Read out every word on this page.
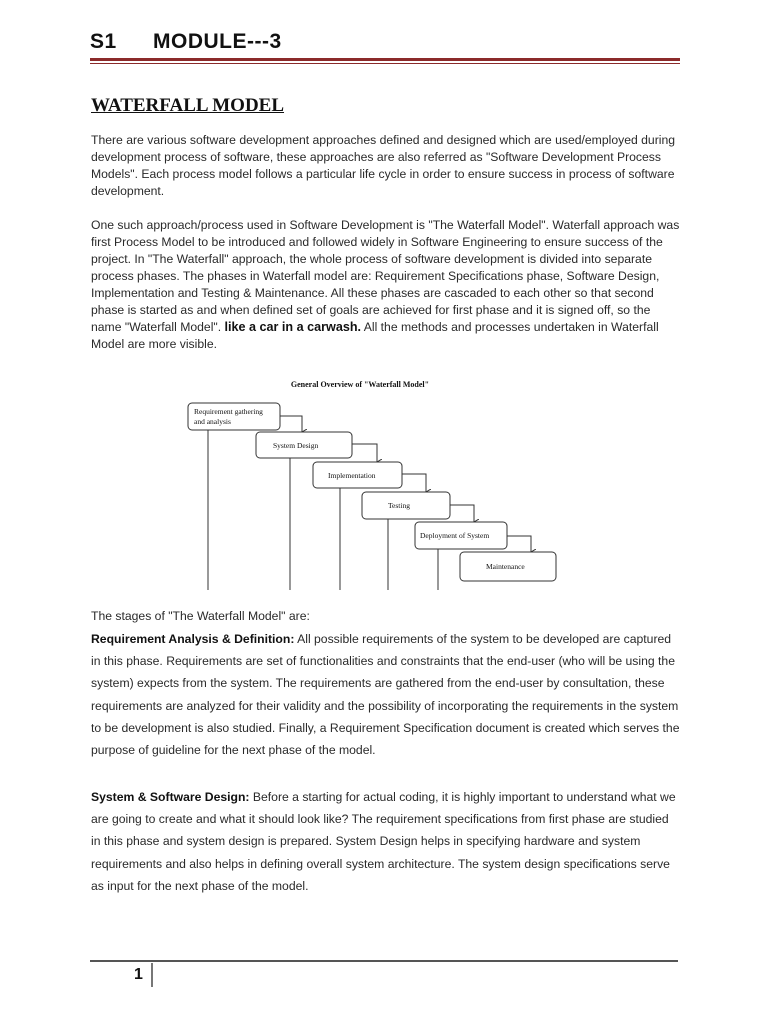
S1 MODULE---3
WATERFALL MODEL
There are various software development approaches defined and designed which are used/employed during development process of software, these approaches are also referred as "Software Development Process Models". Each process model follows a particular life cycle in order to ensure success in process of software development.
One such approach/process used in Software Development is "The Waterfall Model". Waterfall approach was first Process Model to be introduced and followed widely in Software Engineering to ensure success of the project. In "The Waterfall" approach, the whole process of software development is divided into separate process phases. The phases in Waterfall model are: Requirement Specifications phase, Software Design, Implementation and Testing & Maintenance. All these phases are cascaded to each other so that second phase is started as and when defined set of goals are achieved for first phase and it is signed off, so the name "Waterfall Model". like a car in a carwash. All the methods and processes undertaken in Waterfall Model are more visible.
General Overview of "Waterfall Model"
Requirement gathering
and analysis
System Design
Implementation
Testing
Deployment of System
Maintenance
The stages of "The Waterfall Model" are:
Requirement Analysis & Definition: All possible requirements of the system to be developed are captured in this phase. Requirements are set of functionalities and constraints that the end-user (who will be using the system) expects from the system. The requirements are gathered from the end-user by consultation, these requirements are analyzed for their validity and the possibility of incorporating the requirements in the system to be development is also studied. Finally, a Requirement Specification document is created which serves the purpose of guideline for the next phase of the model.
System & Software Design: Before a starting for actual coding, it is highly important to understand what we are going to create and what it should look like? The requirement specifications from first phase are studied in this phase and system design is prepared. System Design helps in specifying hardware and system requirements and also helps in defining overall system architecture. The system design specifications serve as input for the next phase of the model.
1
